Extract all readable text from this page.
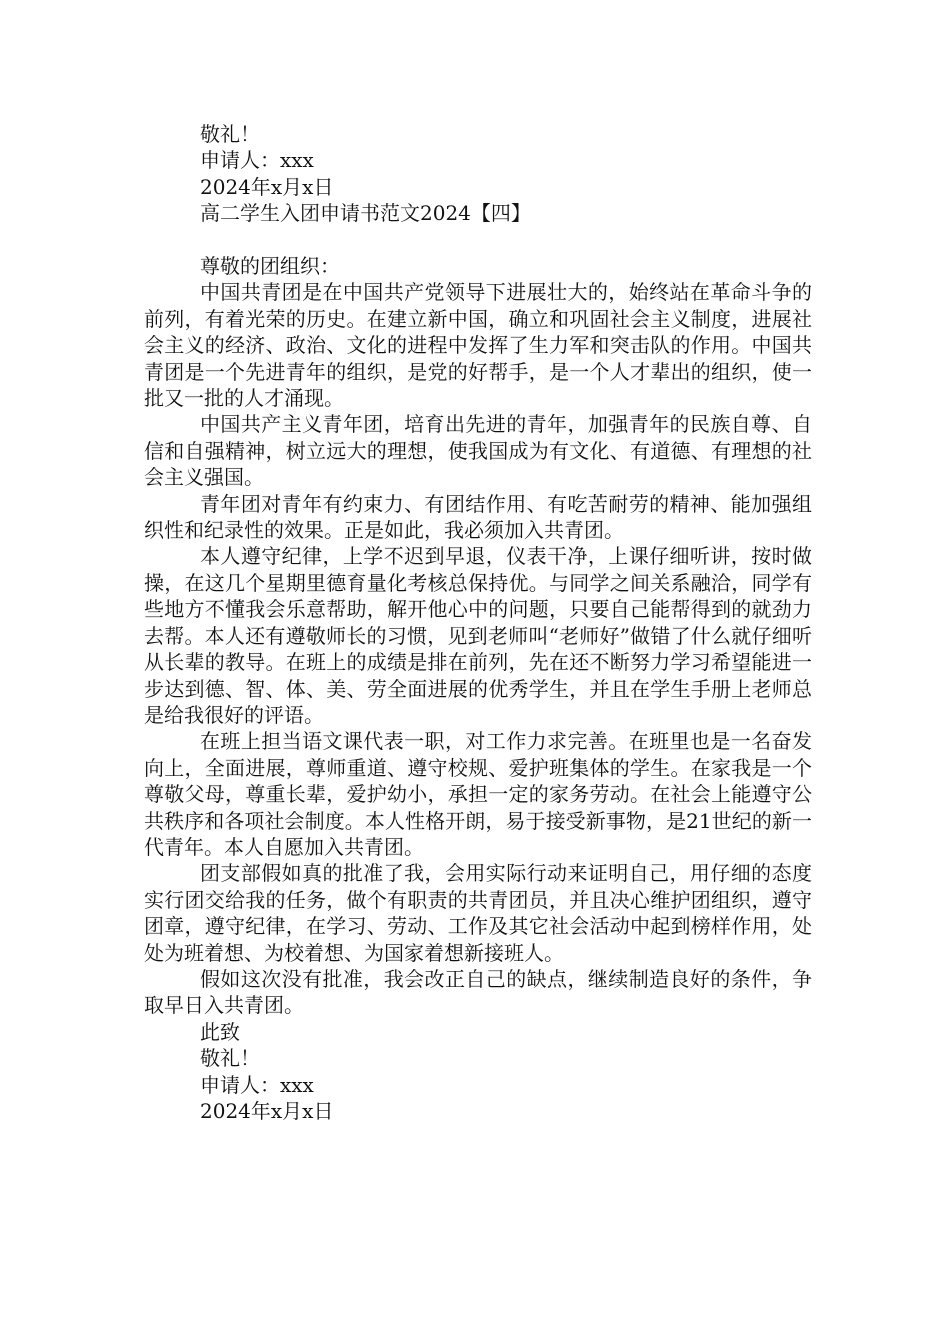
敬礼！
申请人：xxx
2024年x月x日
高二学生入团申请书范文2024【四】
尊敬的团组织：

中国共青团是在中国共产党领导下进展壮大的，始终站在革命斗争的前列，有着光荣的历史。在建立新中国，确立和巩固社会主义制度，进展社会主义的经济、政治、文化的进程中发挥了生力军和突击队的作用。中国共青团是一个先进青年的组织，是党的好帮手，是一个人才辈出的组织，使一批又一批的人才涌现。

中国共产主义青年团，培育出先进的青年，加强青年的民族自尊、自信和自强精神，树立远大的理想，使我国成为有文化、有道德、有理想的社会主义强国。

青年团对青年有约束力、有团结作用、有吃苦耐劳的精神、能加强组织性和纪录性的效果。正是如此，我必须加入共青团。

本人遵守纪律，上学不迟到早退，仪表干净，上课仔细听讲，按时做操，在这几个星期里德育量化考核总保持优。与同学之间关系融洽，同学有些地方不懂我会乐意帮助，解开他心中的问题，只要自己能帮得到的就劲力去帮。本人还有遵敬师长的习惯，见到老师叫“老师好”做错了什么就仔细听从长辈的教导。在班上的成绩是排在前列，先在还不断努力学习希望能进一步达到德、智、体、美、劳全面进展的优秀学生，并且在学生手册上老师总是给我很好的评语。

在班上担当语文课代表一职，对工作力求完善。在班里也是一名奋发向上，全面进展，尊师重道、遵守校规、爱护班集体的学生。在家我是一个尊敬父母，尊重长辈，爱护幼小，承担一定的家务劳动。在社会上能遵守公共秩序和各项社会制度。本人性格开朗，易于接受新事物，是21世纪的新一代青年。本人自愿加入共青团。

团支部假如真的批准了我，会用实际行动来证明自己，用仔细的态度实行团交给我的任务，做个有职责的共青团员，并且决心维护团组织，遵守团章，遵守纪律，在学习、劳动、工作及其它社会活动中起到榜样作用，处处为班着想、为校着想、为国家着想新接班人。

假如这次没有批准，我会改正自己的缺点，继续制造良好的条件，争取早日入共青团。

此致
敬礼！
申请人：xxx
2024年x月x日
